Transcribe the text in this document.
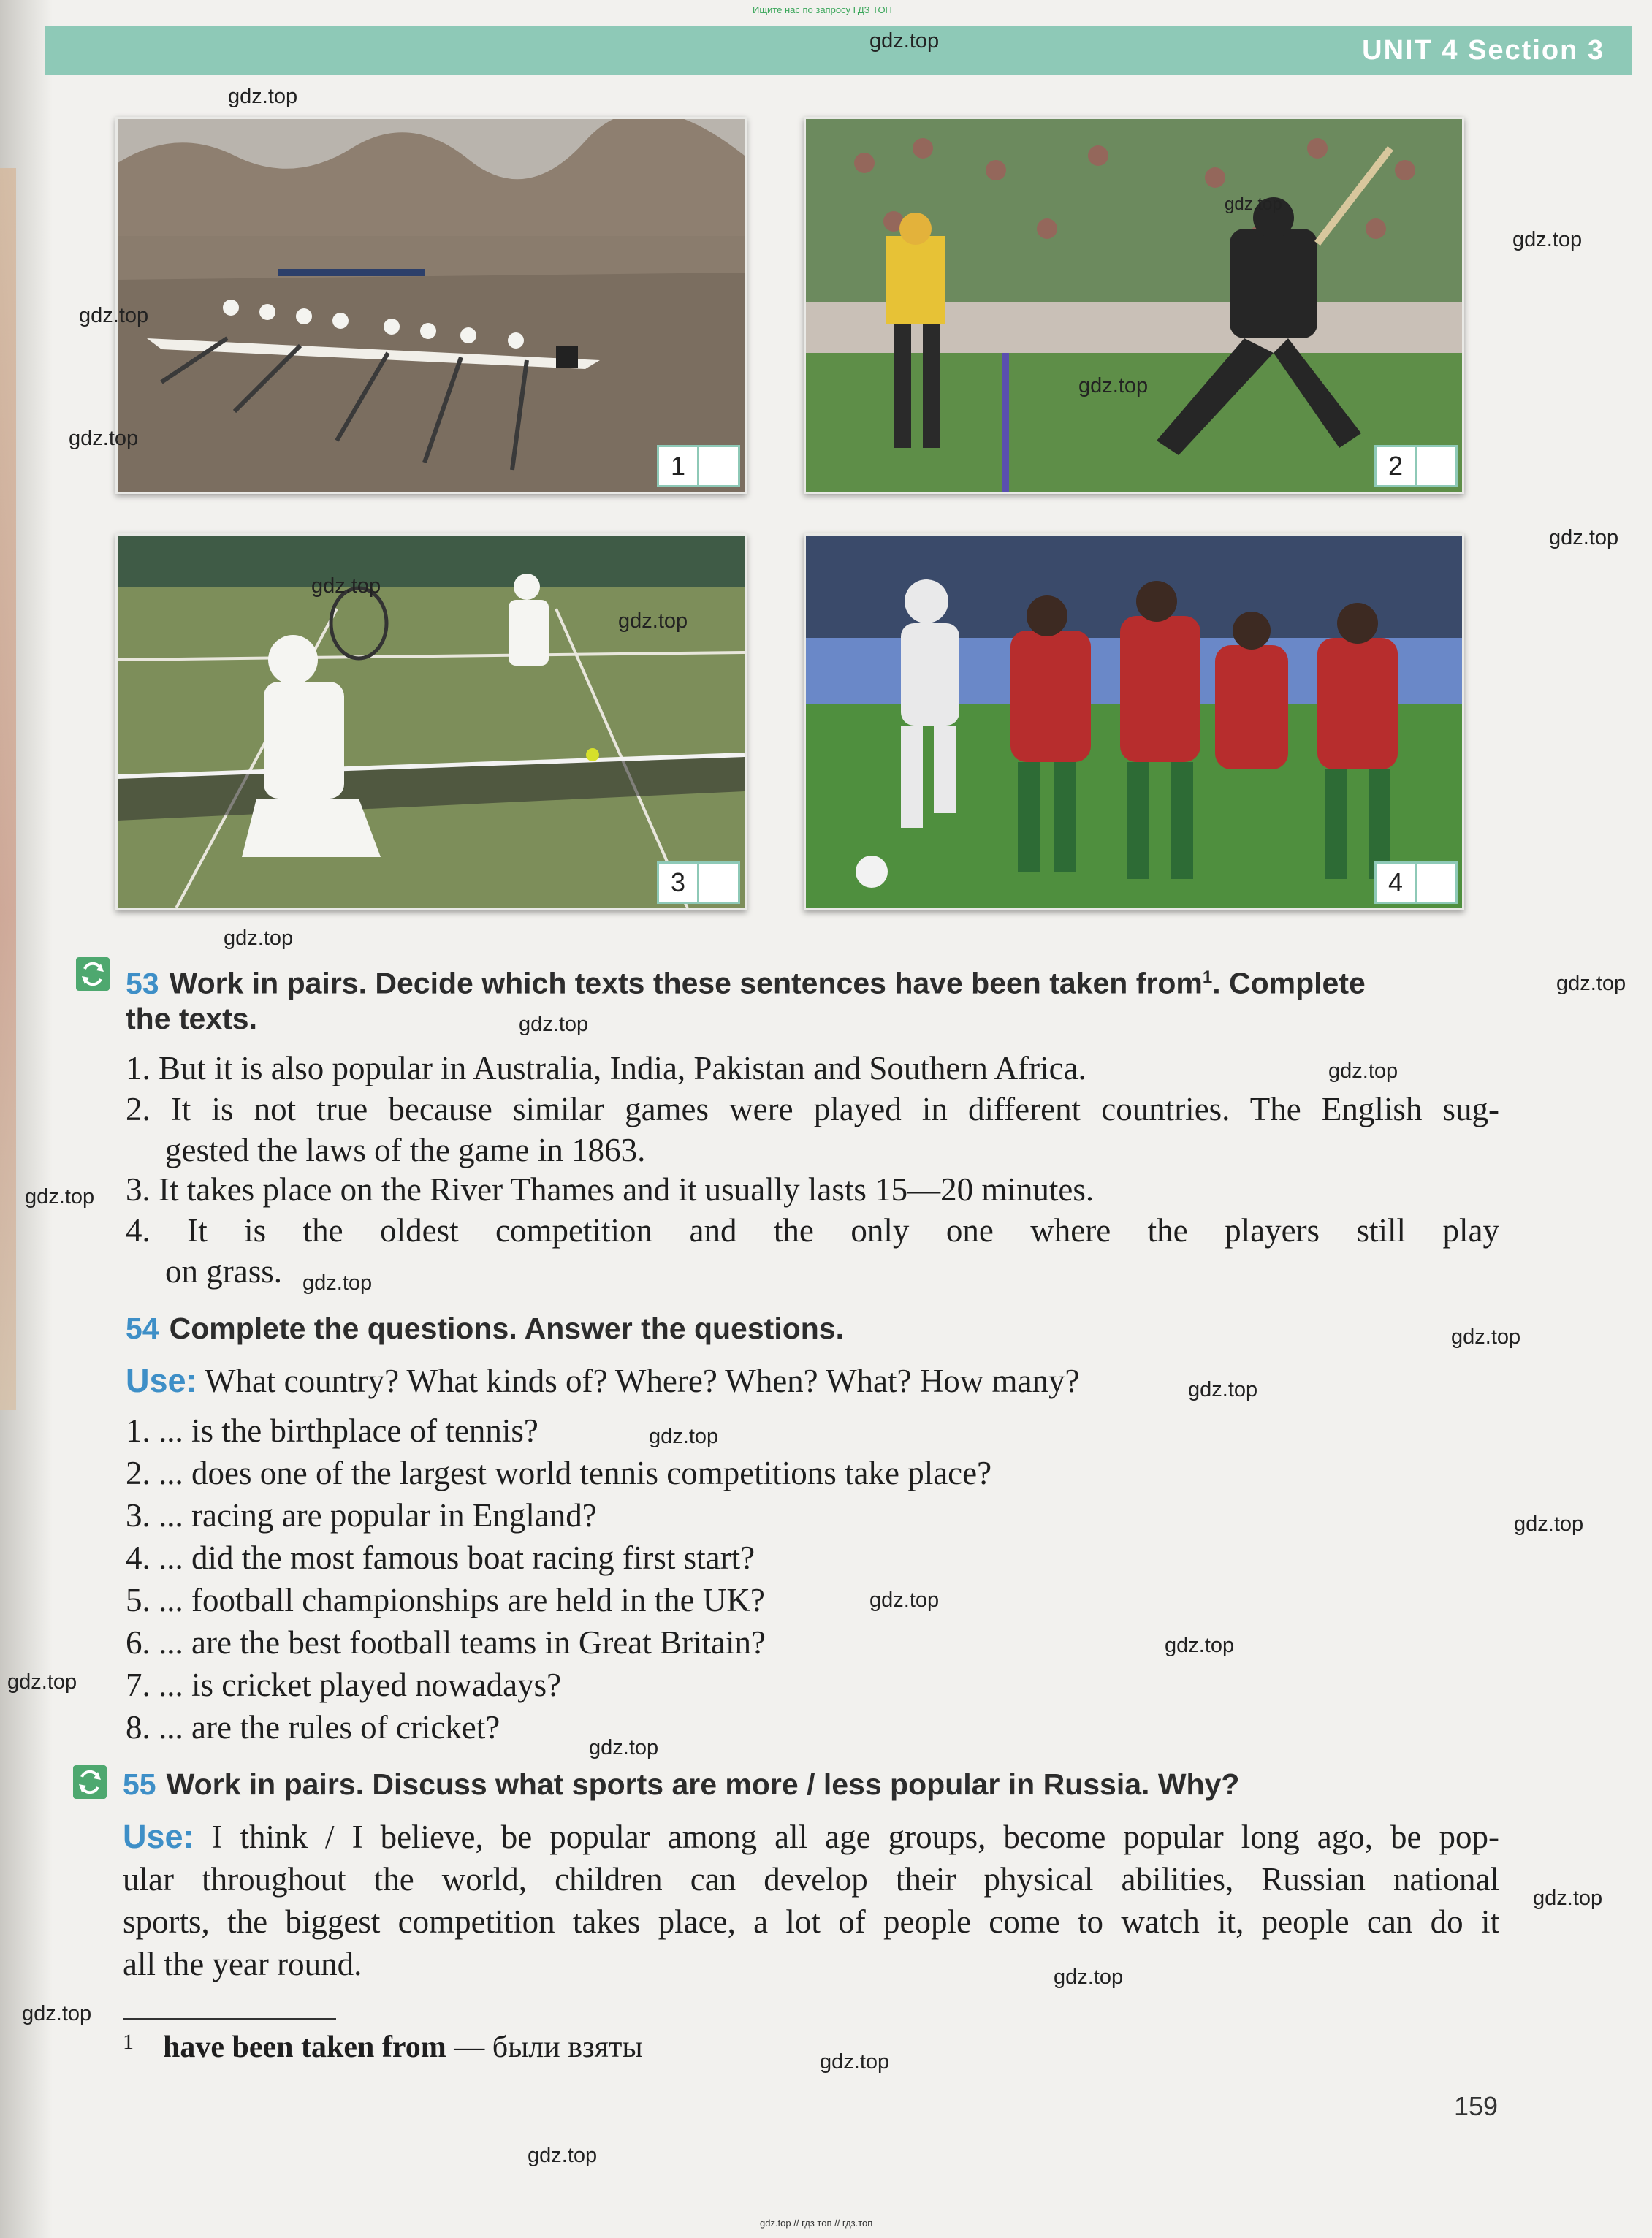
Ищите нас по запросу ГДЗ ТОП
UNIT 4 Section 3
1	2
3	4
53 Work in pairs. Decide which texts these sentences have been taken from$^1$. Complete
the texts.
1. But it is also popular in Australia, India, Pakistan and Southern Africa.
2. It is not true because similar games were played in different countries. The English sug-
gested the laws of the game in 1863.
3. It takes place on the River Thames and it usually lasts 15—20 minutes.
4. It is the oldest competition and the only one where the players still play
on grass.
54 Complete the questions. Answer the questions.
Use: What country? What kinds of? Where? When? What? How many?
1. ... is the birthplace of tennis?
2. ... does one of the largest world tennis competitions take place?
3. ... racing are popular in England?
4. ... did the most famous boat racing first start?
5. ... football championships are held in the UK?
6. ... are the best football teams in Great Britain?
7. ... is cricket played nowadays?
8. ... are the rules of cricket?
55 Work in pairs. Discuss what sports are more / less popular in Russia. Why?
Use: I think / I believe, be popular among all age groups, become popular long ago, be pop-
ular throughout the world, children can develop their physical abilities, Russian national
sports, the biggest competition takes place, a lot of people come to watch it, people can do it
all the year round.
$^1$ have been taken from — были взяты
159
gdz.top // гдз топ // гдз.топ
gdz.top
gdz.top
gdz.top
gdz.top
gdz.top
gdz.top
gdz.top
gdz.top
gdz.top
gdz.top
gdz.top
gdz.top
gdz.top
gdz.top
gdz.top
gdz.top
gdz.top
gdz.top
gdz.top
gdz.top
gdz.top
gdz.top
gdz.top
gdz.top
gdz.top
gdz.top
gdz.top
gdz.top
gdz.top
